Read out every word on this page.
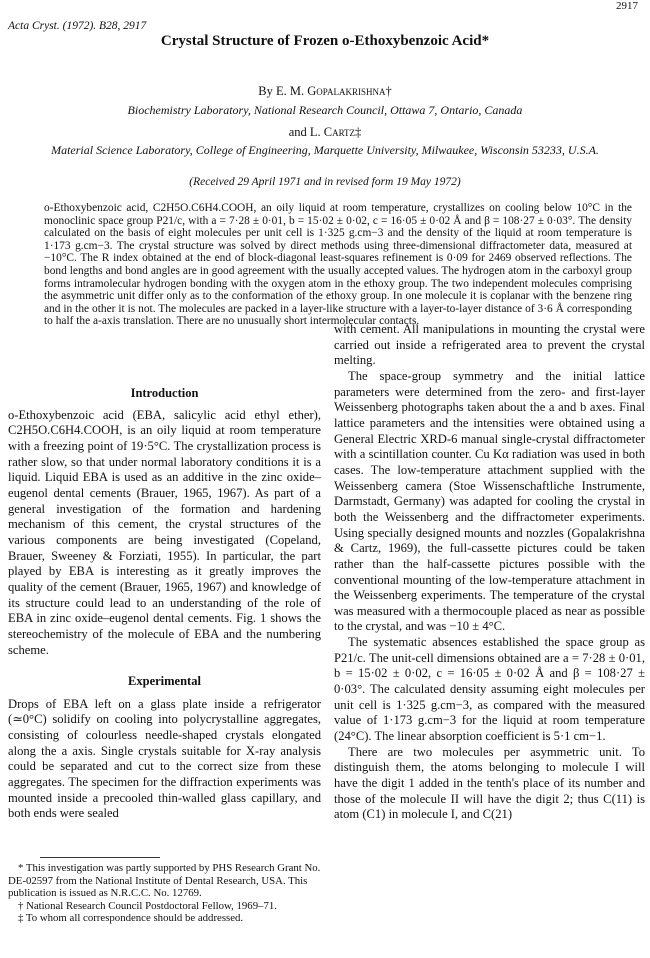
2917
Acta Cryst. (1972). B28, 2917
Crystal Structure of Frozen o-Ethoxybenzoic Acid*
By E. M. Gopalakrishna†
Biochemistry Laboratory, National Research Council, Ottawa 7, Ontario, Canada
and L. Cartz‡
Material Science Laboratory, College of Engineering, Marquette University, Milwaukee, Wisconsin 53233, U.S.A.
(Received 29 April 1971 and in revised form 19 May 1972)

o-Ethoxybenzoic acid, C2H5O.C6H4.COOH, an oily liquid at room temperature, crystallizes on cooling below 10°C in the monoclinic space group P21/c, with a = 7·28 ± 0·01, b = 15·02 ± 0·02, c = 16·05 ± 0·02 Å and β = 108·27 ± 0·03°. The density calculated on the basis of eight molecules per unit cell is 1·325 g.cm−3 and the density of the liquid at room temperature is 1·173 g.cm−3. The crystal structure was solved by direct methods using three-dimensional diffractometer data, measured at −10°C. The R index obtained at the end of block-diagonal least-squares refinement is 0·09 for 2469 observed reflections. The bond lengths and bond angles are in good agreement with the usually accepted values. The hydrogen atom in the carboxyl group forms intramolecular hydrogen bonding with the oxygen atom in the ethoxy group. The two independent molecules comprising the asymmetric unit differ only as to the conformation of the ethoxy group. In one molecule it is coplanar with the benzene ring and in the other it is not. The molecules are packed in a layer-like structure with a layer-to-layer distance of 3·6 Å corresponding to half the a-axis translation. There are no unusually short intermolecular contacts.

Introduction

o-Ethoxybenzoic acid (EBA, salicylic acid ethyl ether), C2H5O.C6H4.COOH, is an oily liquid at room temperature with a freezing point of 19·5°C. The crystallization process is rather slow, so that under normal laboratory conditions it is a liquid. Liquid EBA is used as an additive in the zinc oxide–eugenol dental cements (Brauer, 1965, 1967). As part of a general investigation of the formation and hardening mechanism of this cement, the crystal structures of the various components are being investigated (Copeland, Brauer, Sweeney & Forziati, 1955). In particular, the part played by EBA is interesting as it greatly improves the quality of the cement (Brauer, 1965, 1967) and knowledge of its structure could lead to an understanding of the role of EBA in zinc oxide–eugenol dental cements. Fig. 1 shows the stereochemistry of the molecule of EBA and the numbering scheme.

Experimental

Drops of EBA left on a glass plate inside a refrigerator (≃0°C) solidify on cooling into polycrystalline aggregates, consisting of colourless needle-shaped crystals elongated along the a axis. Single crystals suitable for X-ray analysis could be separated and cut to the correct size from these aggregates. The specimen for the diffraction experiments was mounted inside a precooled thin-walled glass capillary, and both ends were sealed

with cement. All manipulations in mounting the crystal were carried out inside a refrigerated area to prevent the crystal melting.

The space-group symmetry and the initial lattice parameters were determined from the zero- and first-layer Weissenberg photographs taken about the a and b axes. Final lattice parameters and the intensities were obtained using a General Electric XRD-6 manual single-crystal diffractometer with a scintillation counter. Cu Kα radiation was used in both cases. The low-temperature attachment supplied with the Weissenberg camera (Stoe Wissenschaftliche Instrumente, Darmstadt, Germany) was adapted for cooling the crystal in both the Weissenberg and the diffractometer experiments. Using specially designed mounts and nozzles (Gopalakrishna & Cartz, 1969), the full-cassette pictures could be taken rather than the half-cassette pictures possible with the conventional mounting of the low-temperature attachment in the Weissenberg experiments. The temperature of the crystal was measured with a thermocouple placed as near as possible to the crystal, and was −10 ± 4°C.

The systematic absences established the space group as P21/c. The unit-cell dimensions obtained are a = 7·28 ± 0·01, b = 15·02 ± 0·02, c = 16·05 ± 0·02 Å and β = 108·27 ± 0·03°. The calculated density assuming eight molecules per unit cell is 1·325 g.cm−3, as compared with the measured value of 1·173 g.cm−3 for the liquid at room temperature (24°C). The linear absorption coefficient is 5·1 cm−1.

There are two molecules per asymmetric unit. To distinguish them, the atoms belonging to molecule I will have the digit 1 added in the tenth's place of its number and those of the molecule II will have the digit 2; thus C(11) is atom (C1) in molecule I, and C(21)

* This investigation was partly supported by PHS Research Grant No. DE-02597 from the National Institute of Dental Research, USA. This publication is issued as N.R.C.C. No. 12769.

† National Research Council Postdoctoral Fellow, 1969–71.

‡ To whom all correspondence should be addressed.
